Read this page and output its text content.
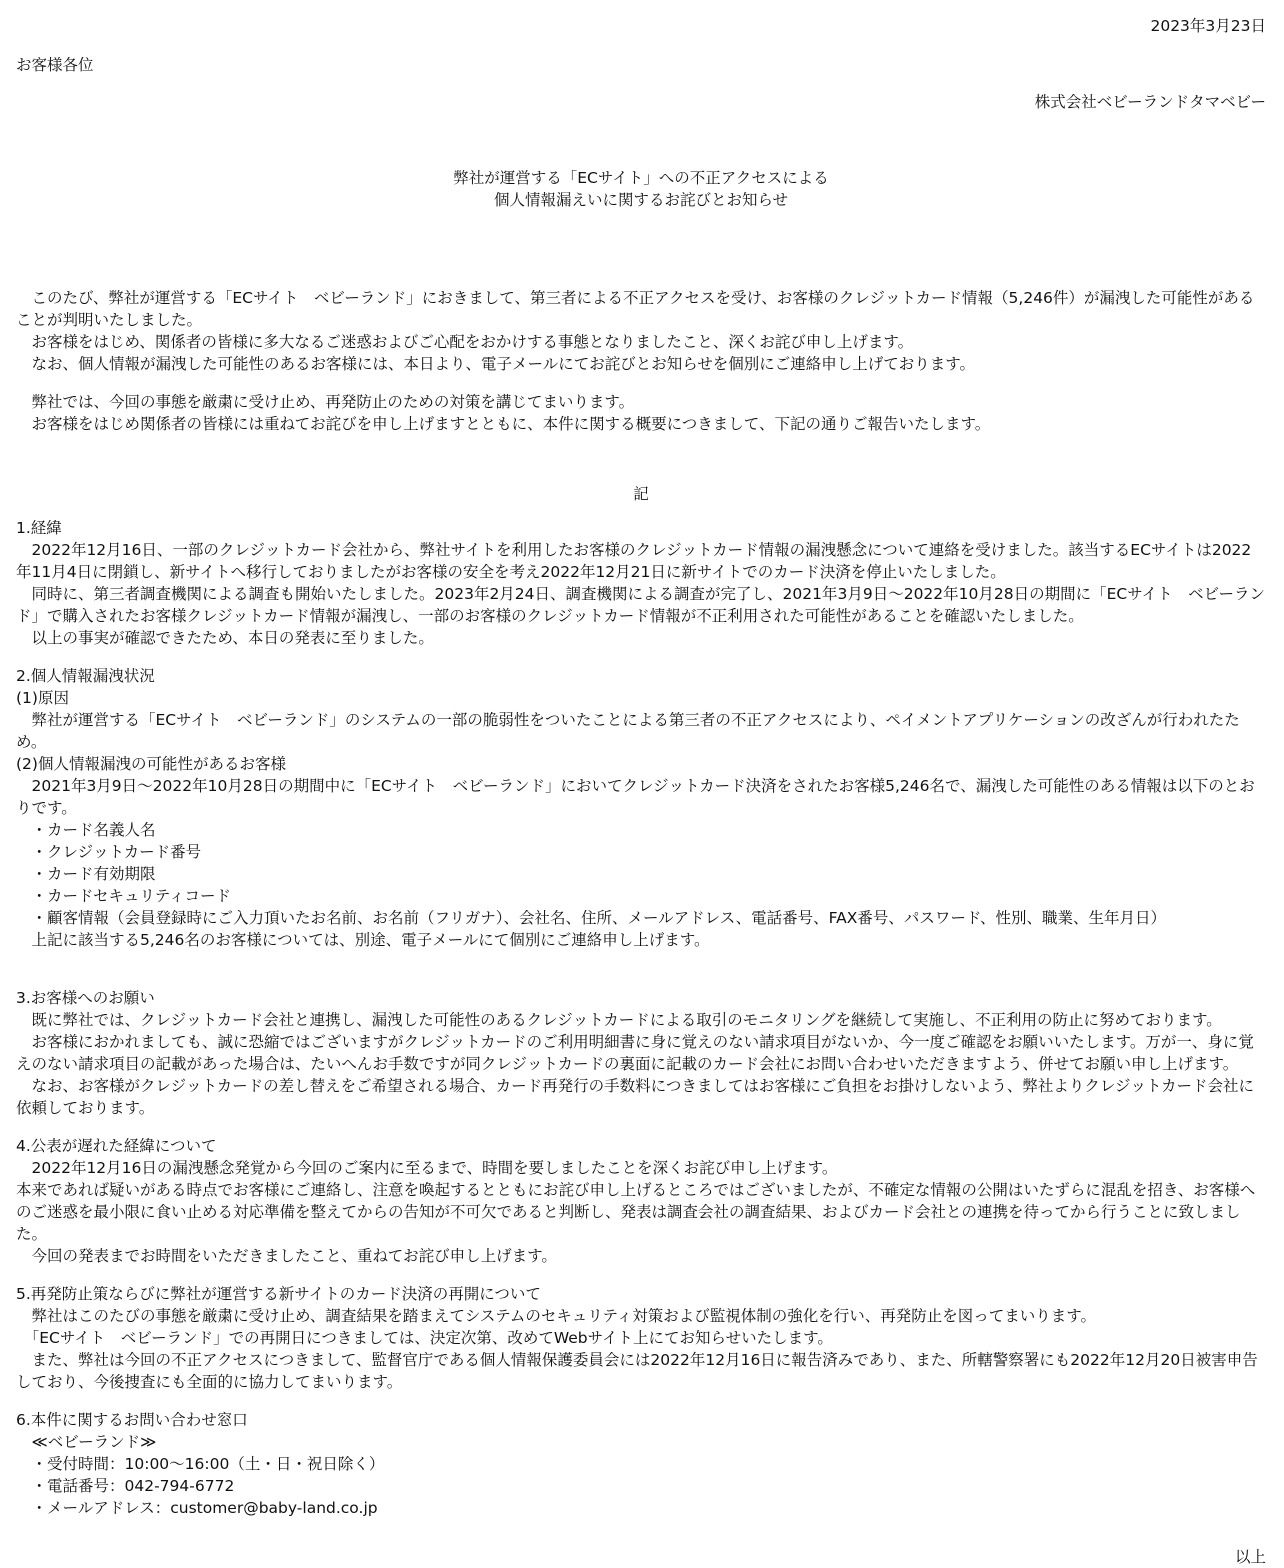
2023年3月23日

お客様各位

株式会社ベビーランドタマベビー

弊社が運営する「ECサイト」への不正アクセスによる

個人情報漏えいに関するお詫びとお知らせ

　このたび、弊社が運営する「ECサイト　ベビーランド」におきまして、第三者による不正アクセスを受け、お客様のクレジットカード情報（5,246件）が漏洩した可能性があることが判明いたしました。

　お客様をはじめ、関係者の皆様に多大なるご迷惑およびご心配をおかけする事態となりましたこと、深くお詫び申し上げます。

　なお、個人情報が漏洩した可能性のあるお客様には、本日より、電子メールにてお詫びとお知らせを個別にご連絡申し上げております。

　弊社では、今回の事態を厳粛に受け止め、再発防止のための対策を講じてまいります。

　お客様をはじめ関係者の皆様には重ねてお詫びを申し上げますとともに、本件に関する概要につきまして、下記の通りご報告いたします。

記

1.経緯

　2022年12月16日、一部のクレジットカード会社から、弊社サイトを利用したお客様のクレジットカード情報の漏洩懸念について連絡を受けました。該当するECサイトは2022年11月4日に閉鎖し、新サイトへ移行しておりましたがお客様の安全を考え2022年12月21日に新サイトでのカード決済を停止いたしました。

　同時に、第三者調査機関による調査も開始いたしました。2023年2月24日、調査機関による調査が完了し、2021年3月9日～2022年10月28日の期間に「ECサイト　ベビーランド」で購入されたお客様クレジットカード情報が漏洩し、一部のお客様のクレジットカード情報が不正利用された可能性があることを確認いたしました。

　以上の事実が確認できたため、本日の発表に至りました。

2.個人情報漏洩状況

(1)原因

　弊社が運営する「ECサイト　ベビーランド」のシステムの一部の脆弱性をついたことによる第三者の不正アクセスにより、ペイメントアプリケーションの改ざんが行われたため。

(2)個人情報漏洩の可能性があるお客様

　2021年3月9日～2022年10月28日の期間中に「ECサイト　ベビーランド」においてクレジットカード決済をされたお客様5,246名で、漏洩した可能性のある情報は以下のとおりです。

　・カード名義人名

　・クレジットカード番号

　・カード有効期限

　・カードセキュリティコード

　・顧客情報（会員登録時にご入力頂いたお名前、お名前（フリガナ）、会社名、住所、メールアドレス、電話番号、FAX番号、パスワード、性別、職業、生年月日）

　上記に該当する5,246名のお客様については、別途、電子メールにて個別にご連絡申し上げます。

3.お客様へのお願い

　既に弊社では、クレジットカード会社と連携し、漏洩した可能性のあるクレジットカードによる取引のモニタリングを継続して実施し、不正利用の防止に努めております。

　お客様におかれましても、誠に恐縮ではございますがクレジットカードのご利用明細書に身に覚えのない請求項目がないか、今一度ご確認をお願いいたします。万が一、身に覚えのない請求項目の記載があった場合は、たいへんお手数ですが同クレジットカードの裏面に記載のカード会社にお問い合わせいただきますよう、併せてお願い申し上げます。

　なお、お客様がクレジットカードの差し替えをご希望される場合、カード再発行の手数料につきましてはお客様にご負担をお掛けしないよう、弊社よりクレジットカード会社に依頼しております。

4.公表が遅れた経緯について

　2022年12月16日の漏洩懸念発覚から今回のご案内に至るまで、時間を要しましたことを深くお詫び申し上げます。

本来であれば疑いがある時点でお客様にご連絡し、注意を喚起するとともにお詫び申し上げるところではございましたが、不確定な情報の公開はいたずらに混乱を招き、お客様へのご迷惑を最小限に食い止める対応準備を整えてからの告知が不可欠であると判断し、発表は調査会社の調査結果、およびカード会社との連携を待ってから行うことに致しました。

　今回の発表までお時間をいただきましたこと、重ねてお詫び申し上げます。

5.再発防止策ならびに弊社が運営する新サイトのカード決済の再開について

　弊社はこのたびの事態を厳粛に受け止め、調査結果を踏まえてシステムのセキュリティ対策および監視体制の強化を行い、再発防止を図ってまいります。

　「ECサイト　ベビーランド」での再開日につきましては、決定次第、改めてWebサイト上にてお知らせいたします。

　また、弊社は今回の不正アクセスにつきまして、監督官庁である個人情報保護委員会には2022年12月16日に報告済みであり、また、所轄警察署にも2022年12月20日被害申告しており、今後捜査にも全面的に協力してまいります。

6.本件に関するお問い合わせ窓口

　≪ベビーランド≫

　・受付時間：10:00～16:00（土・日・祝日除く）

　・電話番号：042-794-6772

　・メールアドレス：customer@baby-land.co.jp

以上
